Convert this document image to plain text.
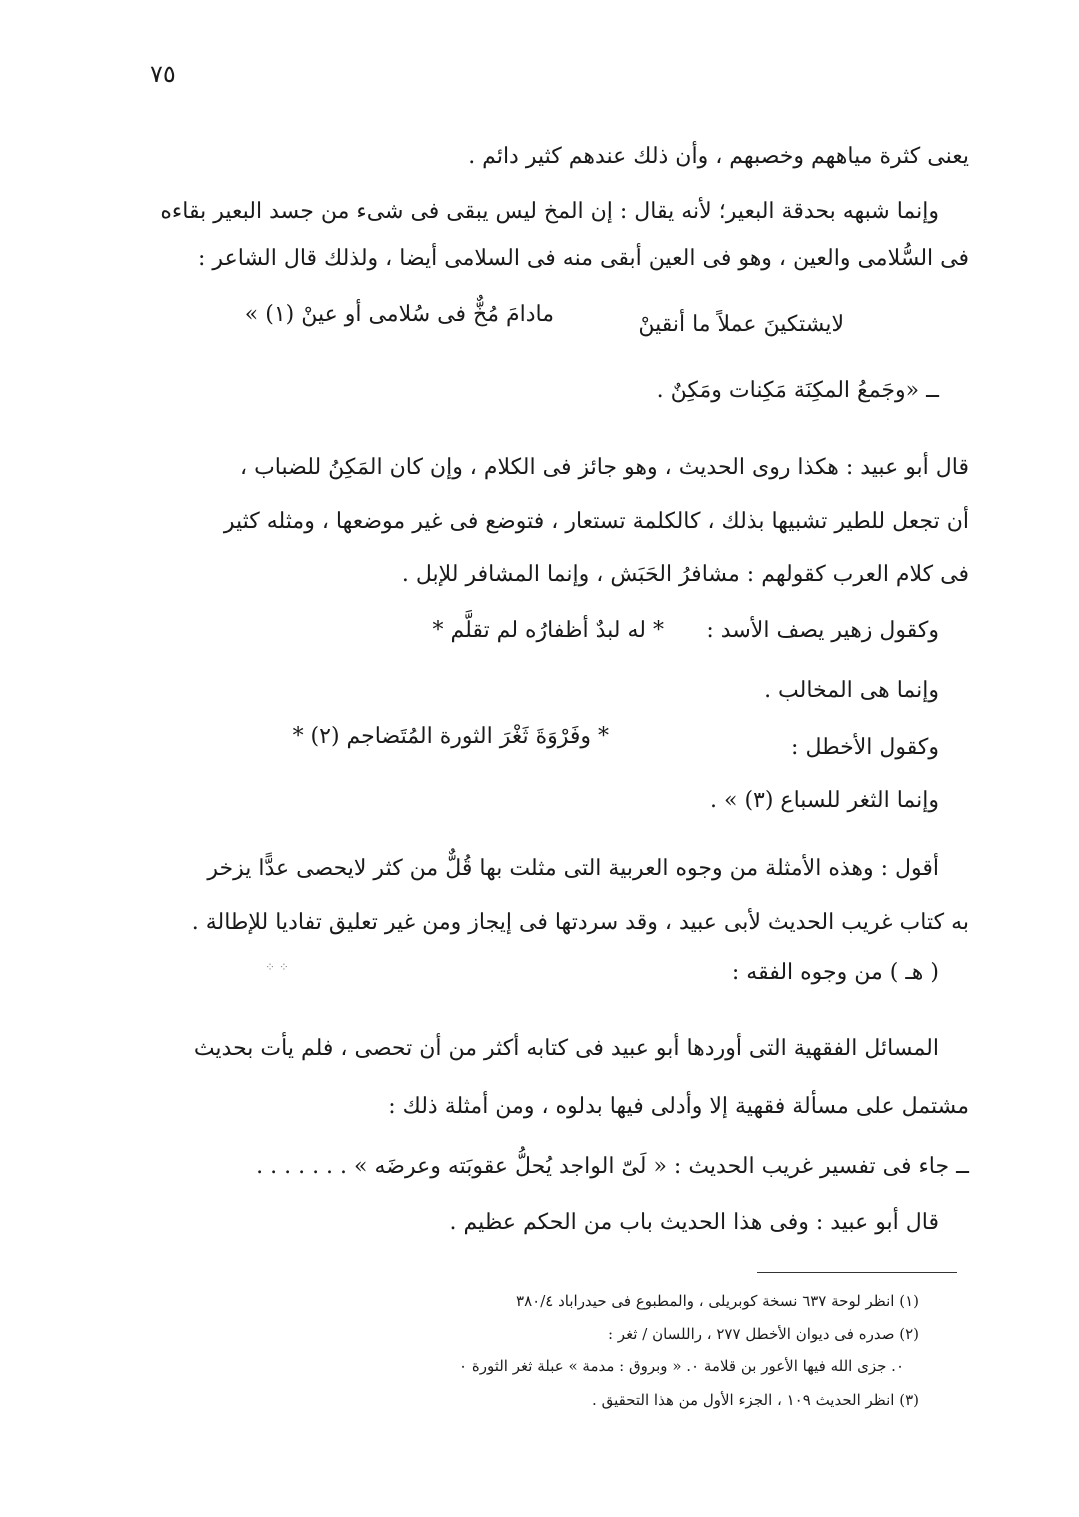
٧٥
يعنى كثرة مياههم وخصبهم ، وأن ذلك عندهم كثير دائم .
وإنما شبهه بحدقة البعير؛ لأنه يقال : إن المخ ليس يبقى فى شىء من جسد البعير بقاءه
فى السُّلامى والعين ، وهو فى العين أبقى منه فى السلامى أيضا ، ولذلك قال الشاعر :
لايشتكينَ عملاً ما أنقينْ
مادامَ مُخٌّ فى سُلامى أو عينْ (١) »
ــ «وجَمعُ المكِنَة مَكِنات ومَكِنٌ .
قال أبو عبيد : هكذا روى الحديث ، وهو جائز فى الكلام ، وإن كان المَكِنُ للضباب ،
أن تجعل للطير تشبيها بذلك ، كالكلمة تستعار ، فتوضع فى غير موضعها ، ومثله كثير
فى كلام العرب كقولهم : مشافرُ الحَبَش ، وإنما المشافر للإبل .
وكقول زهير يصف الأسد :
* له لبدٌ أظفارُه لم تقلَّم *
وإنما هى المخالب .
وكقول الأخطل :
* وفَرْوَةَ ثَغْرَ الثورة المُتَضاجم (٢) *
وإنما الثغر للسباع (٣) » .
أقول : وهذه الأمثلة من وجوه العربية التى مثلت بها قُلٌّ من كثر لايحصى عدًّا يزخر
به كتاب غريب الحديث لأبى عبيد ، وقد سردتها فى إيجاز ومن غير تعليق تفاديا للإطالة .
⁘ ⁘	( هـ ) من وجوه الفقه :
المسائل الفقهية التى أوردها أبو عبيد فى كتابه أكثر من أن تحصى ، فلم يأت بحديث
مشتمل على مسألة فقهية إلا وأدلى فيها بدلوه ، ومن أمثلة ذلك :
ــ جاء فى تفسير غريب الحديث : « لَىّ الواجد يُحلُّ عقوبَته وعرضَه » . . . . . . .
قال أبو عبيد : وفى هذا الحديث باب من الحكم عظيم .
(١) انظر لوحة ٦٣٧ نسخة كوبريلى ، والمطبوع فى حيدراباد ٣٨٠/٤
(٢) صدره فى ديوان الأخطل ٢٧٧ ، راللسان / ثغر :
٠. جزى الله فيها الأعور بن قلامة ٠. « وبروق : مدمة » عبلة ثغر الثورة ٠
(٣) انظر الحديث ١٠٩ ، الجزء الأول من هذا التحقيق .
